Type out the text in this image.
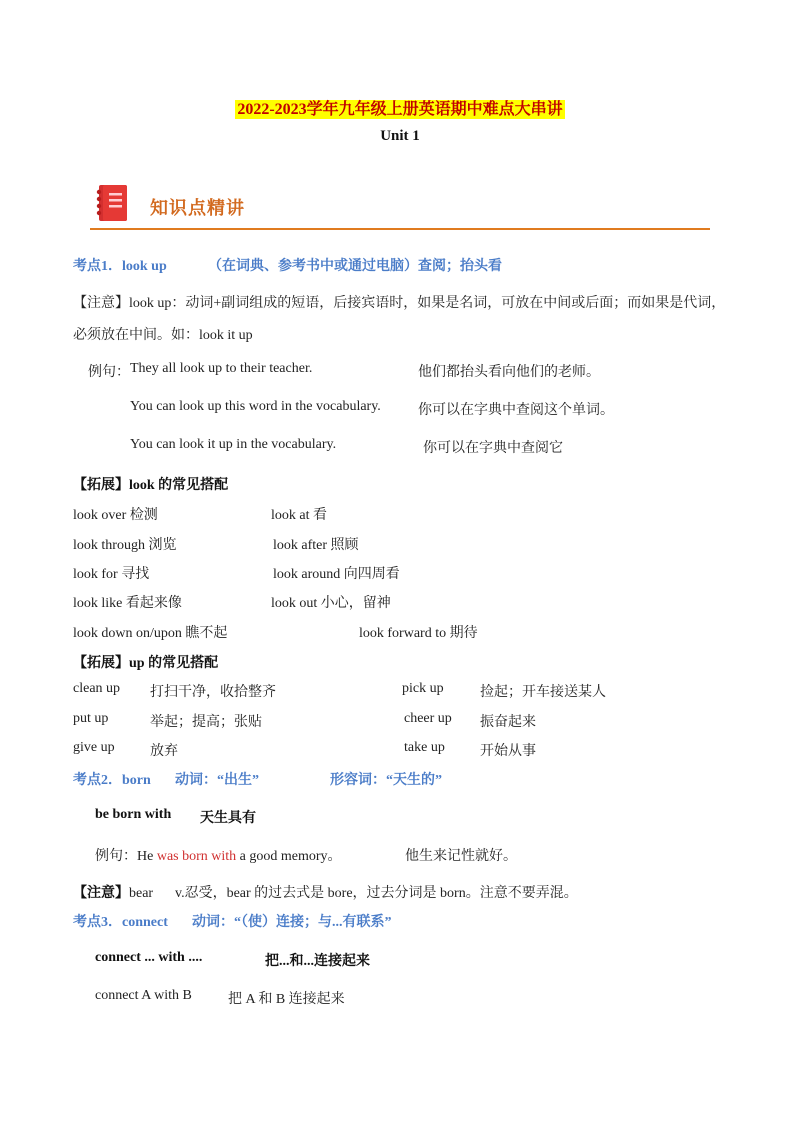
2022-2023学年九年级上册英语期中难点大串讲
Unit 1
知识点精讲
考点1．look up	（在词典、参考书中或通过电脑）查阅；抬头看
【注意】look up：动词+副词组成的短语，后接宾语时，如果是名词，可放在中间或后面；而如果是代词，
必须放在中间。如：look it up
例句： They all look up to their teacher.	他们都抬头看向他们的老师。
You can look up this word in the vocabulary.	你可以在字典中查阅这个单词。
You can look it up in the vocabulary.	你可以在字典中查阅它
【拓展】look 的常见搭配
look over 检测	look at 看
look through 浏览	look after 照顾
look for 寻找	look around 向四周看
look like 看起来像	look out 小心，留神
look down on/upon 瞧不起	look forward to 期待
【拓展】up 的常见搭配
clean up 打扫干净，收拾整齐	pick up	捡起；开车接送某人
put up	举起；提高；张贴	cheer up 振奋起来
give up	放弃	take up	开始从事
考点2．born 动词：“出生”	形容词：“天生的”
be born with 天生具有
例句：He was born with a good memory。	他生来记性就好。
【注意】bear v.忍受，bear 的过去式是 bore，过去分词是 born。注意不要弄混。
考点3．connect 动词：“（使）连接；与...有联系”
connect ... with ....	把...和...连接起来
connect A with B	把 A 和 B 连接起来
